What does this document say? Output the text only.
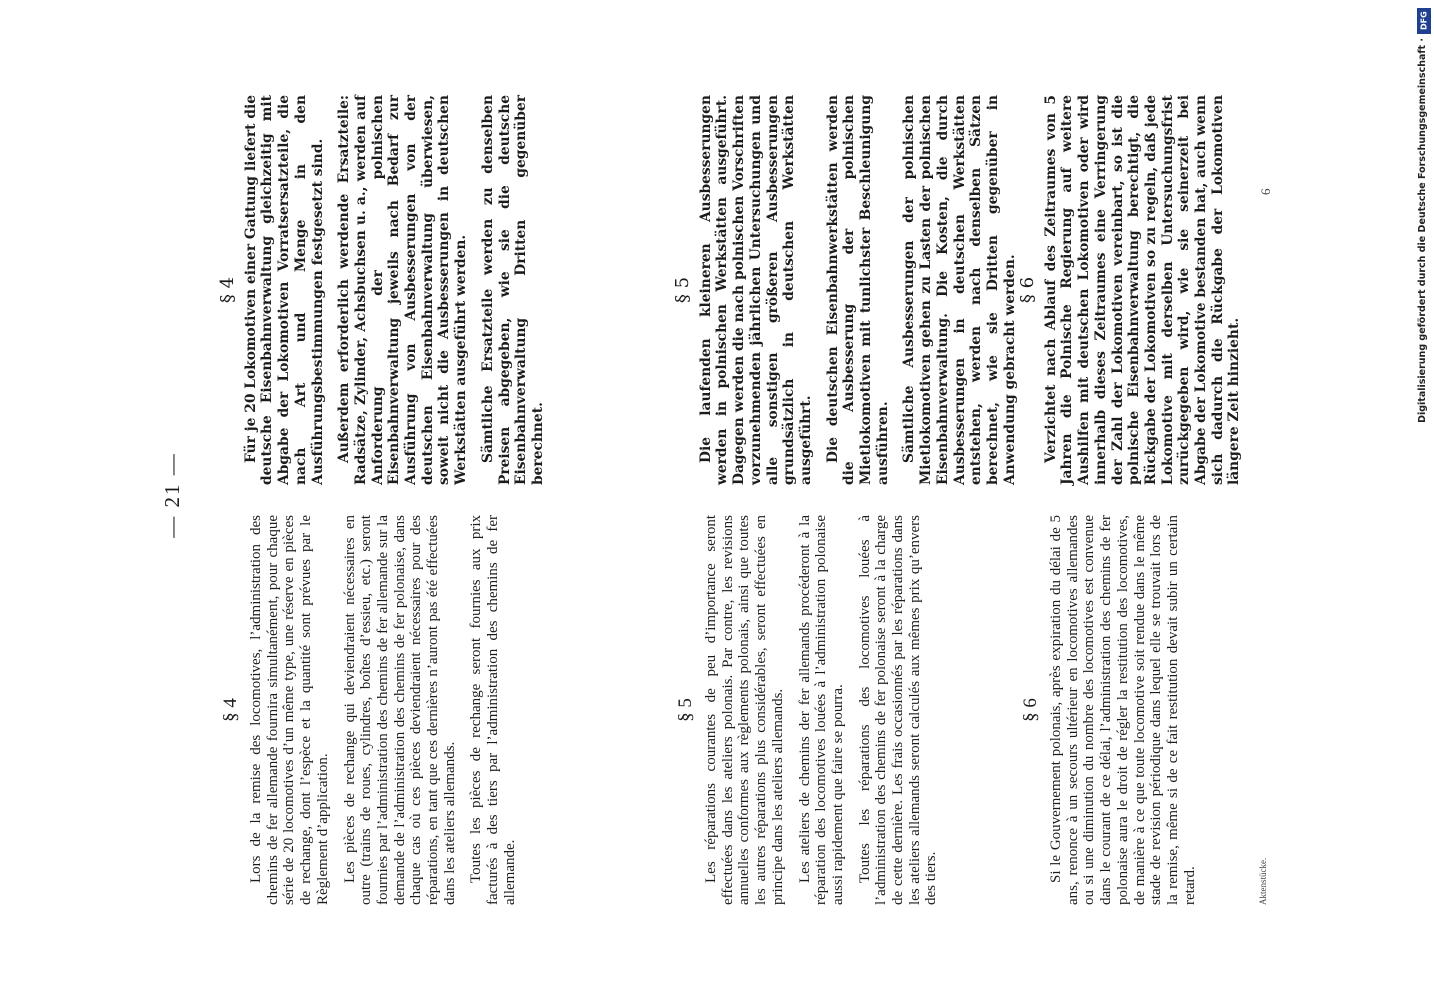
— 21 —
§ 4 Lors de la remise des locomotives, l’administration des chemins de fer allemande fournira simultanément, pour chaque série de 20 locomotives d’un même type, une réserve en pièces de rechange, dont l’espèce et la quantité sont prévues par le Règlement d’application. Les pièces de rechange qui deviendraient nécessaires en outre (trains de roues, cylindres, boîtes d’essieu, etc.) seront fournies par l’administration des chemins de fer allemande sur la demande de l’administration des chemins de fer polonaise, dans chaque cas où ces pièces deviendraient nécessaires pour des réparations, en tant que ces dernières n’auront pas été effectuées dans les ateliers allemands. Toutes les pièces de rechange seront fournies aux prix facturés à des tiers par l’administration des chemins de fer allemande.

§ 5 Les réparations courantes de peu d’importance seront effectuées dans les ateliers polonais. Par contre, les revisions annuelles conformes aux règlements polonais, ainsi que toutes les autres réparations plus considérables, seront effectuées en principe dans les ateliers allemands. Les ateliers de chemins der fer allemands procéderont à la réparation des locomotives louées à l’administration polonaise aussi rapidement que faire se pourra. Toutes les réparations des locomotives louées à l’administration des chemins de fer polonaise seront à la charge de cette dernière. Les frais occasionnés par les réparations dans les ateliers allemands seront calculés aux mêmes prix qu’envers des tiers.

§ 6 Si le Gouvernement polonais, après expiration du délai de 5 ans, renonce à un secours ultérieur en locomotives allemandes ou si une diminution du nombre des locomotives est convenue dans le courant de ce délai, l’administration des chemins de fer polonaise aura le droit de régler la restitution des locomotives, de manière à ce que toute locomotive soit rendue dans le même stade de revision périodique dans lequel elle se trouvait lors de la remise, même si de ce fait restitution devait subir un certain retard.

§ 4 Für je 20 Lokomotiven einer Gattung liefert die deutsche Eisenbahnverwaltung gleichzeitig mit Abgabe der Lokomotiven Vorratsersatzteile, die nach Art und Menge in den Ausführungsbestimmungen festgesetzt sind. Außerdem erforderlich werdende Ersatzteile: Radsätze, Zylinder, Achsbuchsen u. a., werden auf Anforderung der polnischen Eisenbahnverwaltung jeweils nach Bedarf zur Ausführung von Ausbesserungen von der deutschen Eisenbahnverwaltung überwiesen, soweit nicht die Ausbesserungen in deutschen Werkstätten ausgeführt werden. Sämtliche Ersatzteile werden zu denselben Preisen abgegeben, wie sie die deutsche Eisenbahnverwaltung Dritten gegenüber berechnet.

§ 5 Die laufenden kleineren Ausbesserungen werden in polnischen Werkstätten ausgeführt. Dagegen werden die nach polnischen Vorschriften vorzunehmenden jährlichen Untersuchungen und alle sonstigen größeren Ausbesserungen grundsätzlich in deutschen Werkstätten ausgeführt. Die deutschen Eisenbahnwerkstätten werden die Ausbesserung der polnischen Mietlokomotiven mit tunlichster Beschleunigung ausführen. Sämtliche Ausbesserungen der polnischen Mietlokomotiven gehen zu Lasten der polnischen Eisenbahnverwaltung. Die Kosten, die durch Ausbesserungen in deutschen Werkstätten entstehen, werden nach denselben Sätzen berechnet, wie sie Dritten gegenüber in Anwendung gebracht werden. § 6 Verzichtet nach Ablauf des Zeitraumes von 5 Jahren die Polnische Regierung auf weitere Aushilfen mit deutschen Lokomotiven oder wird innerhalb dieses Zeitraumes eine Verringerung der Zahl der Lokomotiven vereinbart, so ist die polnische Eisenbahnverwaltung berechtigt, die Rückgabe der Lokomotiven so zu regeln, daß jede Lokomotive mit derselben Untersuchungsfrist zurückgegeben wird, wie sie seinerzeit bei Abgabe der Lokomotive bestanden hat, auch wenn sich dadurch die Rückgabe der Lokomotiven längere Zeit hinzieht.

Aktenstücke.
6
DFG
Digitalisierung gefördert durch die Deutsche Forschungsgemeinschaft ·
